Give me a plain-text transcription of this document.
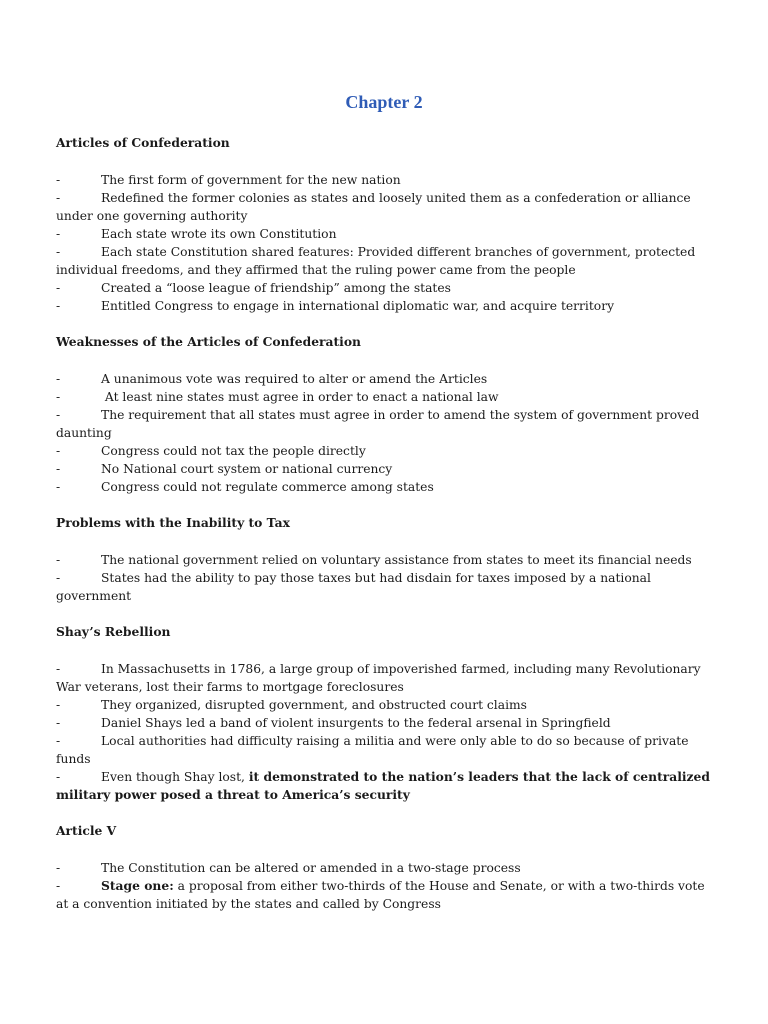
Chapter 2

Articles of Confederation

-	The first form of government for the new nation
-	Redefined the former colonies as states and loosely united them as a confederation or alliance under one governing authority
-	Each state wrote its own Constitution
-	Each state Constitution shared features: Provided different branches of government, protected individual freedoms, and they affirmed that the ruling power came from the people
-	Created a “loose league of friendship” among the states
-	Entitled Congress to engage in international diplomatic war, and acquire territory

Weaknesses of the Articles of Confederation

-	A unanimous vote was required to alter or amend the Articles
-	At least nine states must agree in order to enact a national law
-	The requirement that all states must agree in order to amend the system of government proved daunting
-	Congress could not tax the people directly
-	No National court system or national currency
-	Congress could not regulate commerce among states

Problems with the Inability to Tax

-	The national government relied on voluntary assistance from states to meet its financial needs
-	States had the ability to pay those taxes but had disdain for taxes imposed by a national government

Shay’s Rebellion

-	In Massachusetts in 1786, a large group of impoverished farmed, including many Revolutionary War veterans, lost their farms to mortgage foreclosures
-	They organized, disrupted government, and obstructed court claims
-	Daniel Shays led a band of violent insurgents to the federal arsenal in Springfield
-	Local authorities had difficulty raising a militia and were only able to do so because of private funds
-	Even though Shay lost, it demonstrated to the nation’s leaders that the lack of centralized military power posed a threat to America’s security

Article V

-	The Constitution can be altered or amended in a two-stage process
-	Stage one: a proposal from either two-thirds of the House and Senate, or with a two-thirds vote at a convention initiated by the states and called by Congress
